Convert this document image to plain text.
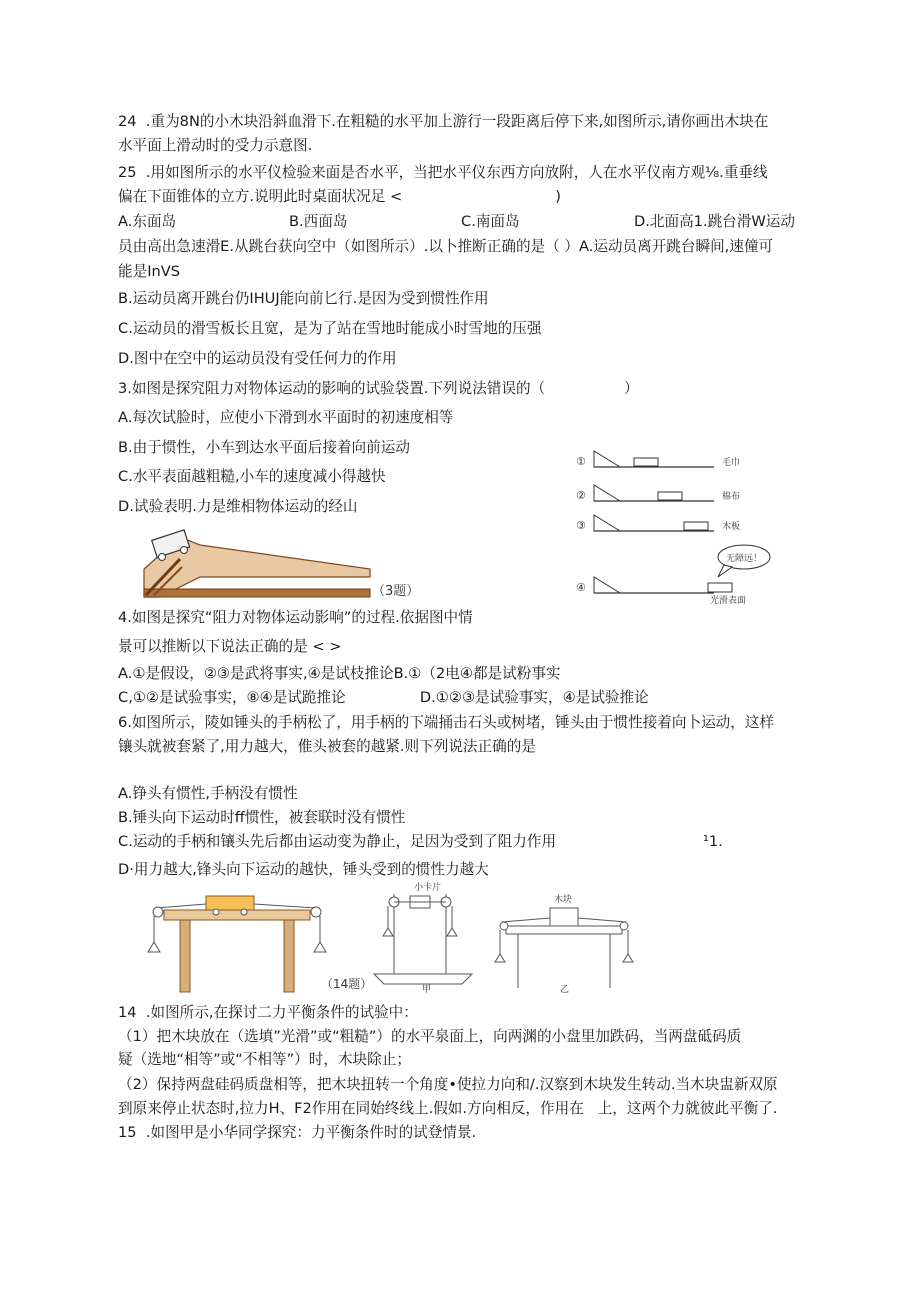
24  .重为8N的小木块沿斜血滑下.在粗糙的水平加上游行一段距离后停下来,如图所示,请你画出木块在
水平面上滑动时的受力示意图.
25  .用如图所示的水平仪检验来面是否水平，当把水平仪东西方向放附，人在水平仪南方观⅛.重垂线
偏在下面锥体的立方.说明此时桌面状况足 <                                 )
A.东面岛	B.西面岛	C.南面岛	D.北面高1.跳台滑W运动
员由高出急速滑E.从跳台获向空中（如图所示）.以卜推断正确的是（ ）A.运动员离开跳台瞬间,速僮可
能是InVS
B.运动员离开跳台仍IHUJ能向前匕行.是因为受到惯性作用
C.运动员的滑雪板长且宽，是为了站在雪地时能成小时雪地的压强
D.图中在空中的运动员没有受任何力的作用
3.如图是探究阻力对物体运动的影响的试验袋置.下列说法错误的（                 ）
A.每次试脸时，应使小下滑到水平面时的初速度相等
B.由于惯性，小车到达水平面后接着向前运动
C.水平表面越粗糙,小车的速度减小得越快
D.试验表明.力是维相物体运动的经山
（3题）
①	毛巾
②	棉布
③	木板
无障远！
④
光滑表面
4.如图是探究“阻力对物体运动影响”的过程.依据图中情
景可以推断以下说法正确的是 < >
A.①是假设，②③是武将事实,④是试枝推论B.①（2电④都是试粉事实
C,①②是试验事实，⑧④是试跪推论                D.①②③是试验事实，④是试验推论
6.如图所示，陵如锤头的手柄松了，用手柄的下端捅击石头或树堵，锤头由于惯性接着向卜运动，这样
镶头就被套紧了,用力越大，倠头被套的越紧.则下列说法正确的是
A.铮头有惯性,手柄没有惯性
B.锤头向下运动时ff惯性，被套联时没有惯性
C.运动的手柄和镶头先后都由运动变为静止，足因为受到了阻力作用	¹1.
D·用力越大,锋头向下运动的越快，锤头受到的惯性力越大
（14题）
小卡片
甲
木块
乙
14  .如图所示,在探讨二力平衡条件的试验中：
（1）把木块放在（选填”光滑”或“粗糙”）的水平泉面上，向两渊的小盘里加跌码，当两盘砥码质
疑（选地“相等”或“不相等”）时，木块除止；
（2）保持两盘硅码质盘相等，把木块扭转一个角度•使拉力向和/.汉察到木块发生转动.当木块盅新双原
到原来停止状态时,拉力H、F2作用在同始终线上.假如.方向相反，作用在   上，这两个力就彼此平衡了.
15  .如图甲是小华同学探究：力平衡条件时的试登情景.
